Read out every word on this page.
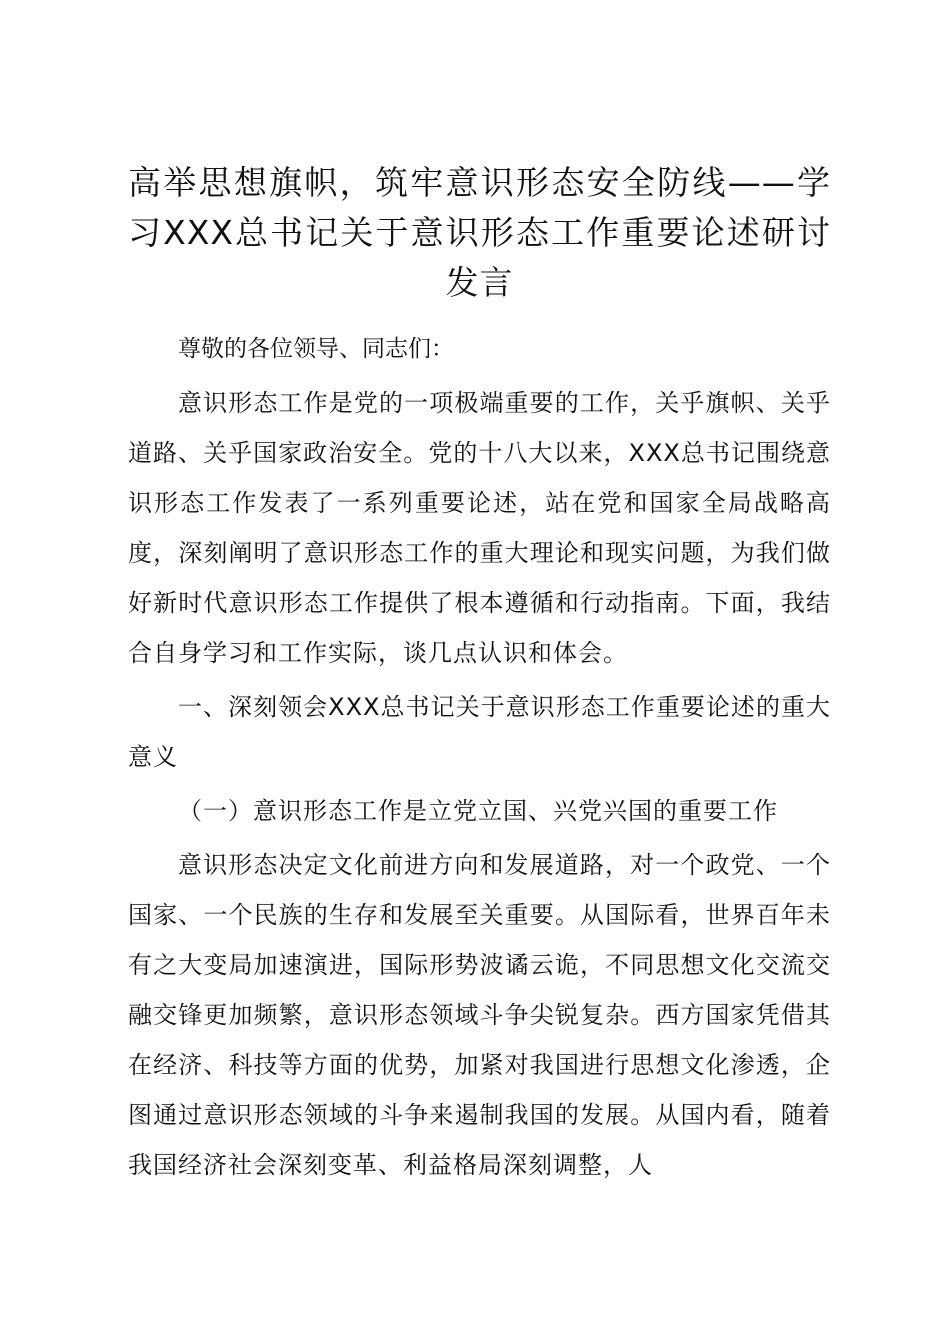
高举思想旗帜，筑牢意识形态安全防线——学习XXX总书记关于意识形态工作重要论述研讨发言

尊敬的各位领导、同志们：

意识形态工作是党的一项极端重要的工作，关乎旗帜、关乎道路、关乎国家政治安全。党的十八大以来，XXX总书记围绕意识形态工作发表了一系列重要论述，站在党和国家全局战略高度，深刻阐明了意识形态工作的重大理论和现实问题，为我们做好新时代意识形态工作提供了根本遵循和行动指南。下面，我结合自身学习和工作实际，谈几点认识和体会。

一、深刻领会XXX总书记关于意识形态工作重要论述的重大意义

（一）意识形态工作是立党立国、兴党兴国的重要工作

意识形态决定文化前进方向和发展道路，对一个政党、一个国家、一个民族的生存和发展至关重要。从国际看，世界百年未有之大变局加速演进，国际形势波谲云诡，不同思想文化交流交融交锋更加频繁，意识形态领域斗争尖锐复杂。西方国家凭借其在经济、科技等方面的优势，加紧对我国进行思想文化渗透，企图通过意识形态领域的斗争来遏制我国的发展。从国内看，随着我国经济社会深刻变革、利益格局深刻调整，人
